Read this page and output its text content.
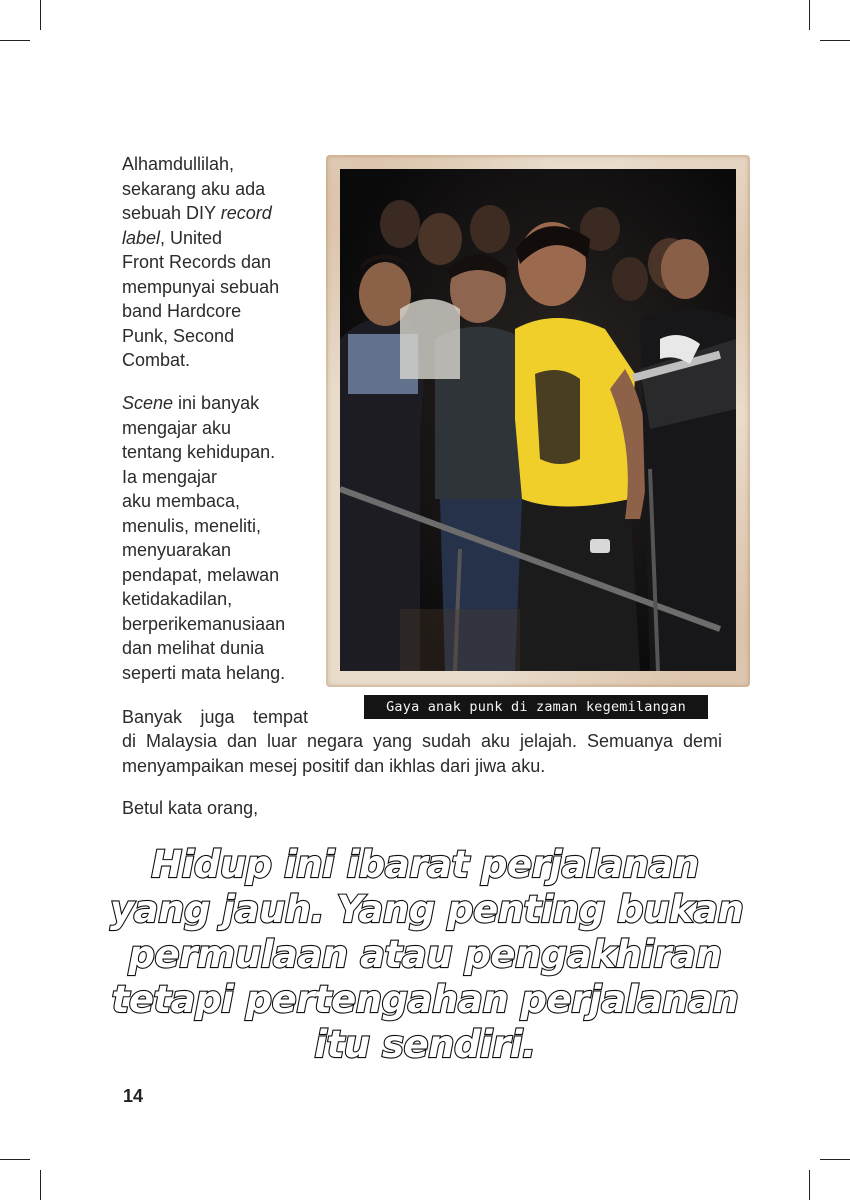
Alhamdullilah,
sekarang aku ada
sebuah DIY record
label, United
Front Records dan
mempunyai sebuah
band Hardcore
Punk, Second
Combat.
Scene ini banyak
mengajar aku
tentang kehidupan.
Ia mengajar
aku membaca,
menulis, meneliti,
menyuarakan
pendapat, melawan
ketidakadilan,
berperikemanusiaan
dan melihat dunia
seperti mata helang.
Gaya anak punk di zaman kegemilangan
Banyak juga tempat
di Malaysia dan luar negara yang sudah aku jelajah. Semuanya demi
menyampaikan mesej positif dan ikhlas dari jiwa aku.
Betul kata orang,
Hidup ini ibarat perjalanan
yang jauh. Yang penting bukan
permulaan atau pengakhiran
tetapi pertengahan perjalanan
itu sendiri.
14
